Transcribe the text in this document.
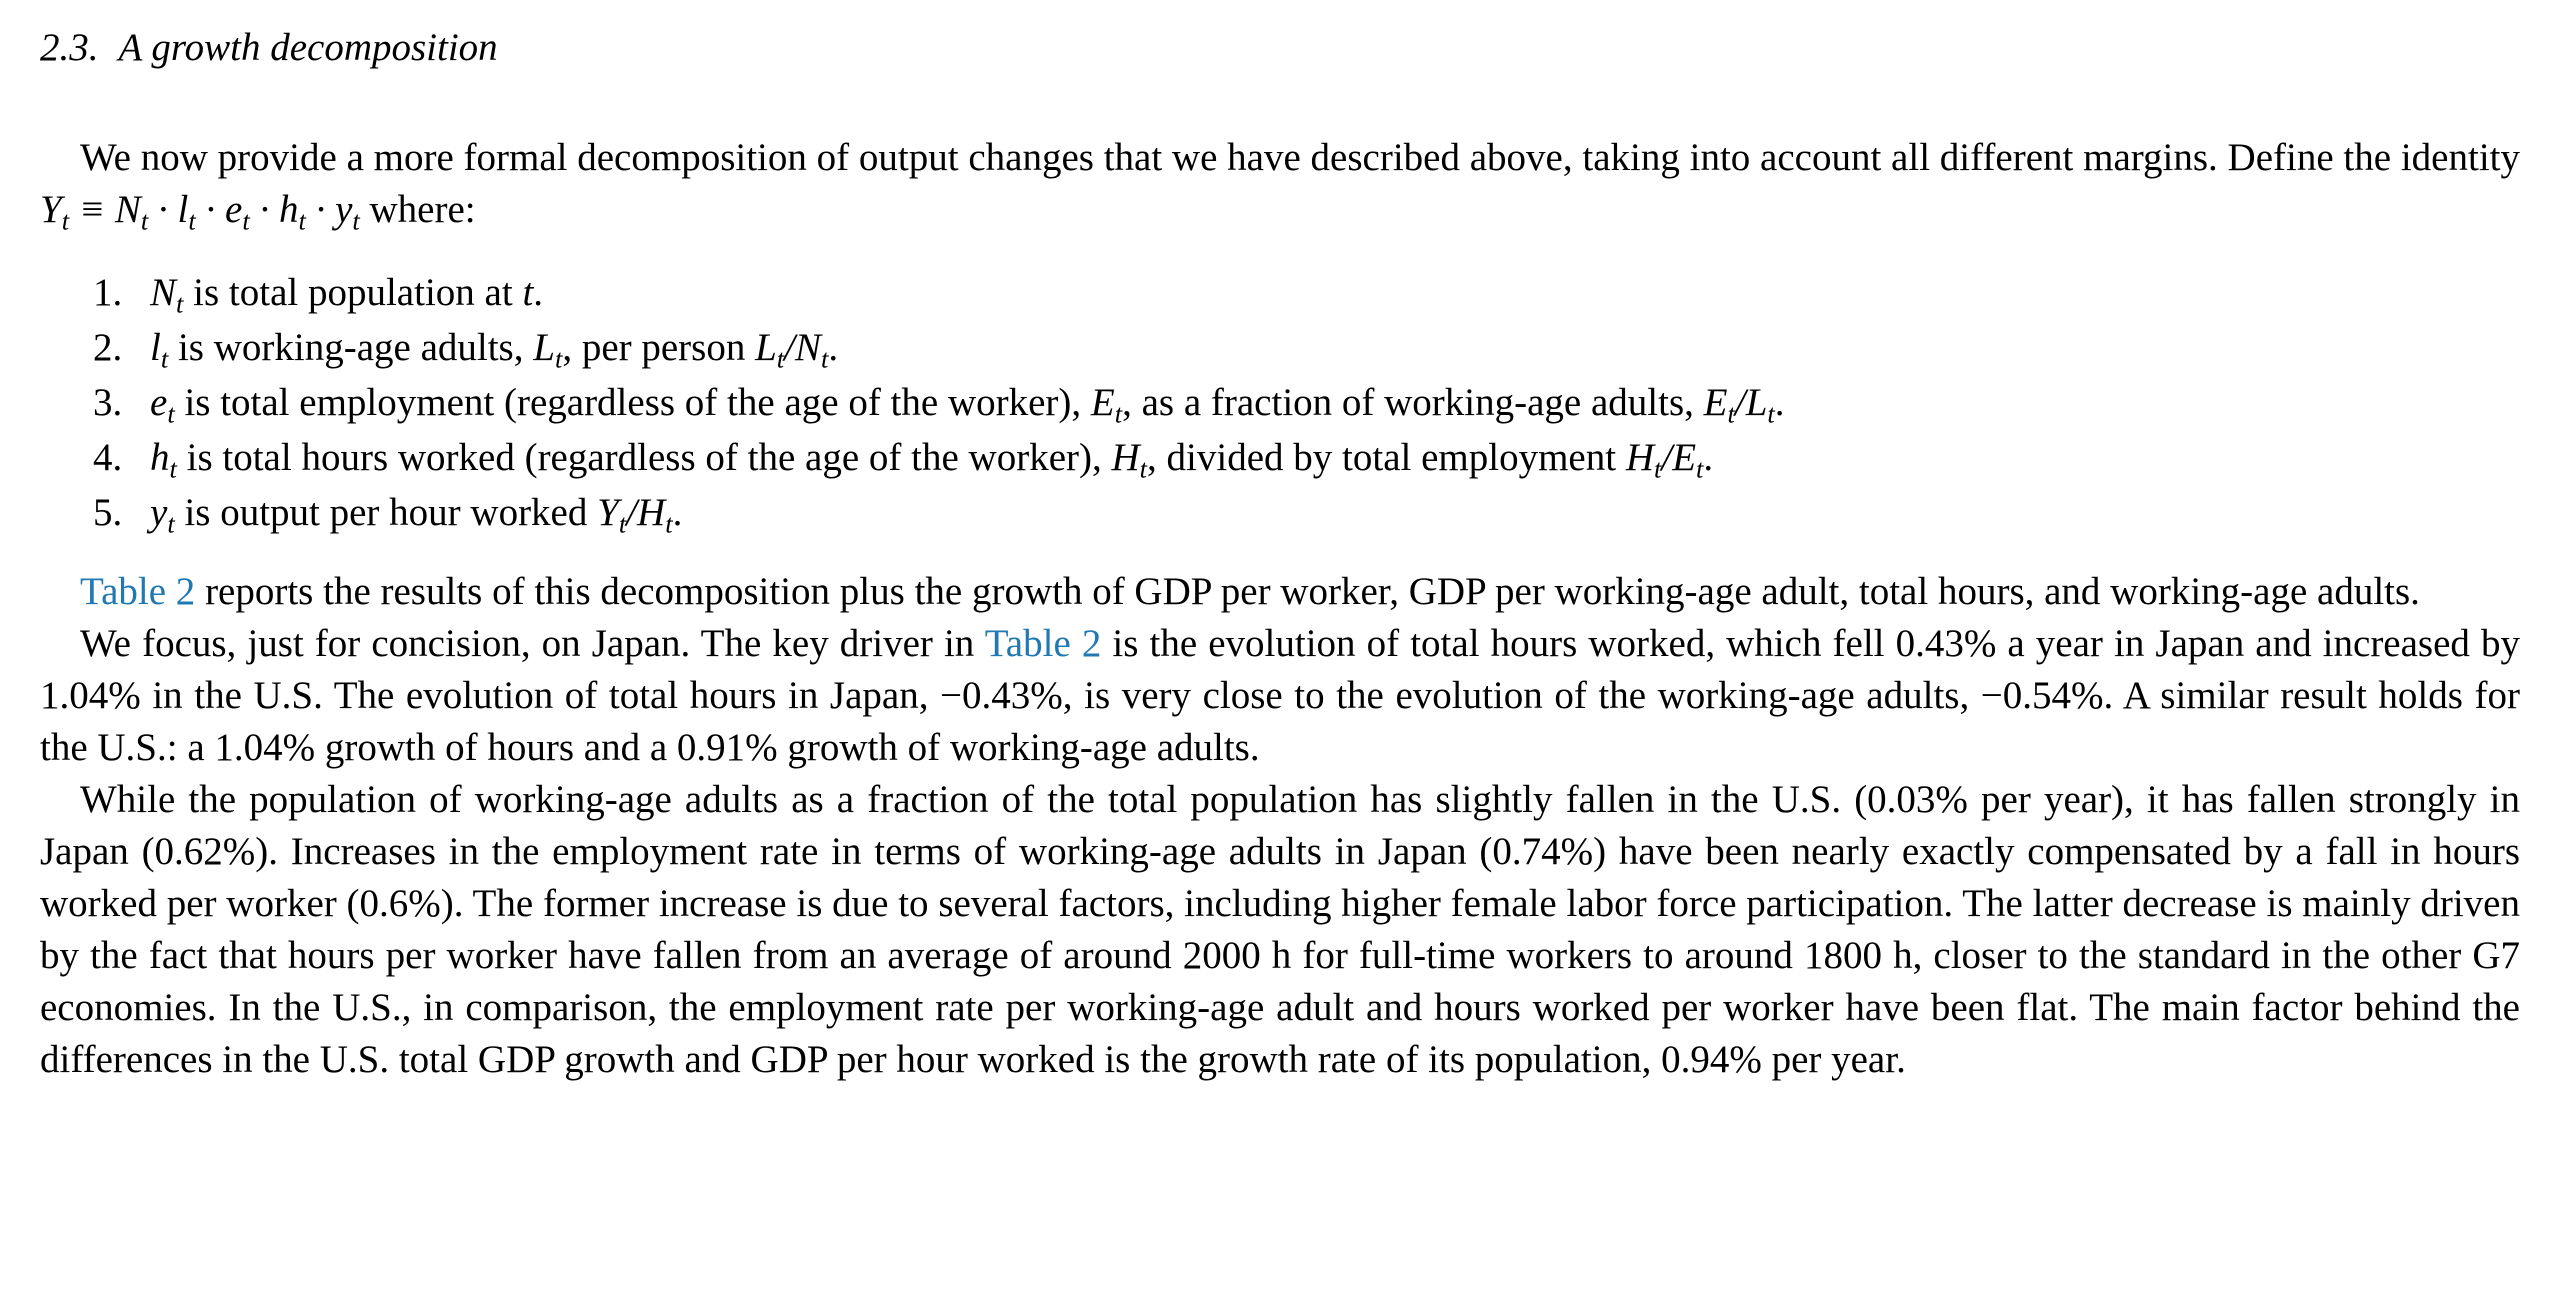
2.3. A growth decomposition

We now provide a more formal decomposition of output changes that we have described above, taking into account all different margins. Define the identity $Y_t \equiv N_t \cdot l_t \cdot e_t \cdot h_t \cdot y_t$ where:

1. $N_t$ is total population at t.
2. $l_t$ is working-age adults, $L_t$, per person $L_t/N_t$.
3. $e_t$ is total employment (regardless of the age of the worker), $E_t$, as a fraction of working-age adults, $E_t/L_t$.
4. $h_t$ is total hours worked (regardless of the age of the worker), $H_t$, divided by total employment $H_t/E_t$.
5. $y_t$ is output per hour worked $Y_t/H_t$.

Table 2 reports the results of this decomposition plus the growth of GDP per worker, GDP per working-age adult, total hours, and working-age adults.

We focus, just for concision, on Japan. The key driver in Table 2 is the evolution of total hours worked, which fell 0.43% a year in Japan and increased by 1.04% in the U.S. The evolution of total hours in Japan, −0.43%, is very close to the evolution of the working-age adults, −0.54%. A similar result holds for the U.S.: a 1.04% growth of hours and a 0.91% growth of working-age adults.

While the population of working-age adults as a fraction of the total population has slightly fallen in the U.S. (0.03% per year), it has fallen strongly in Japan (0.62%). Increases in the employment rate in terms of working-age adults in Japan (0.74%) have been nearly exactly compensated by a fall in hours worked per worker (0.6%). The former increase is due to several factors, including higher female labor force participation. The latter decrease is mainly driven by the fact that hours per worker have fallen from an average of around 2000 h for full-time workers to around 1800 h, closer to the standard in the other G7 economies. In the U.S., in comparison, the employment rate per working-age adult and hours worked per worker have been flat. The main factor behind the differences in the U.S. total GDP growth and GDP per hour worked is the growth rate of its population, 0.94% per year.
